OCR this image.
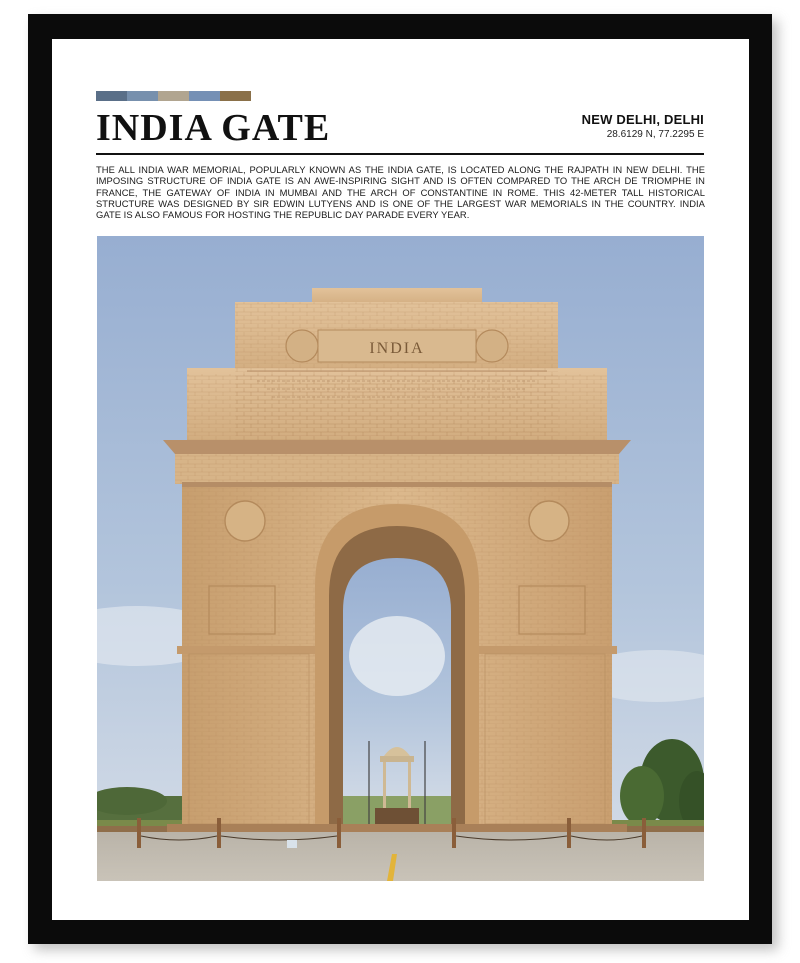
INDIA GATE	NEW DELHI, DELHI
28.6129 N, 77.2295 E

THE ALL INDIA WAR MEMORIAL, POPULARLY KNOWN AS THE INDIA GATE, IS LOCATED ALONG THE RAJPATH IN NEW DELHI. THE IMPOSING STRUCTURE OF INDIA GATE IS AN AWE-INSPIRING SIGHT AND IS OFTEN COMPARED TO THE ARCH DE TRIOMPHE IN FRANCE, THE GATEWAY OF INDIA IN MUMBAI AND THE ARCH OF CONSTANTINE IN ROME. THIS 42-METER TALL HISTORICAL STRUCTURE WAS DESIGNED BY SIR EDWIN LUTYENS AND IS ONE OF THE LARGEST WAR MEMORIALS IN THE COUNTRY. INDIA GATE IS ALSO FAMOUS FOR HOSTING THE REPUBLIC DAY PARADE EVERY YEAR.

INDIA
